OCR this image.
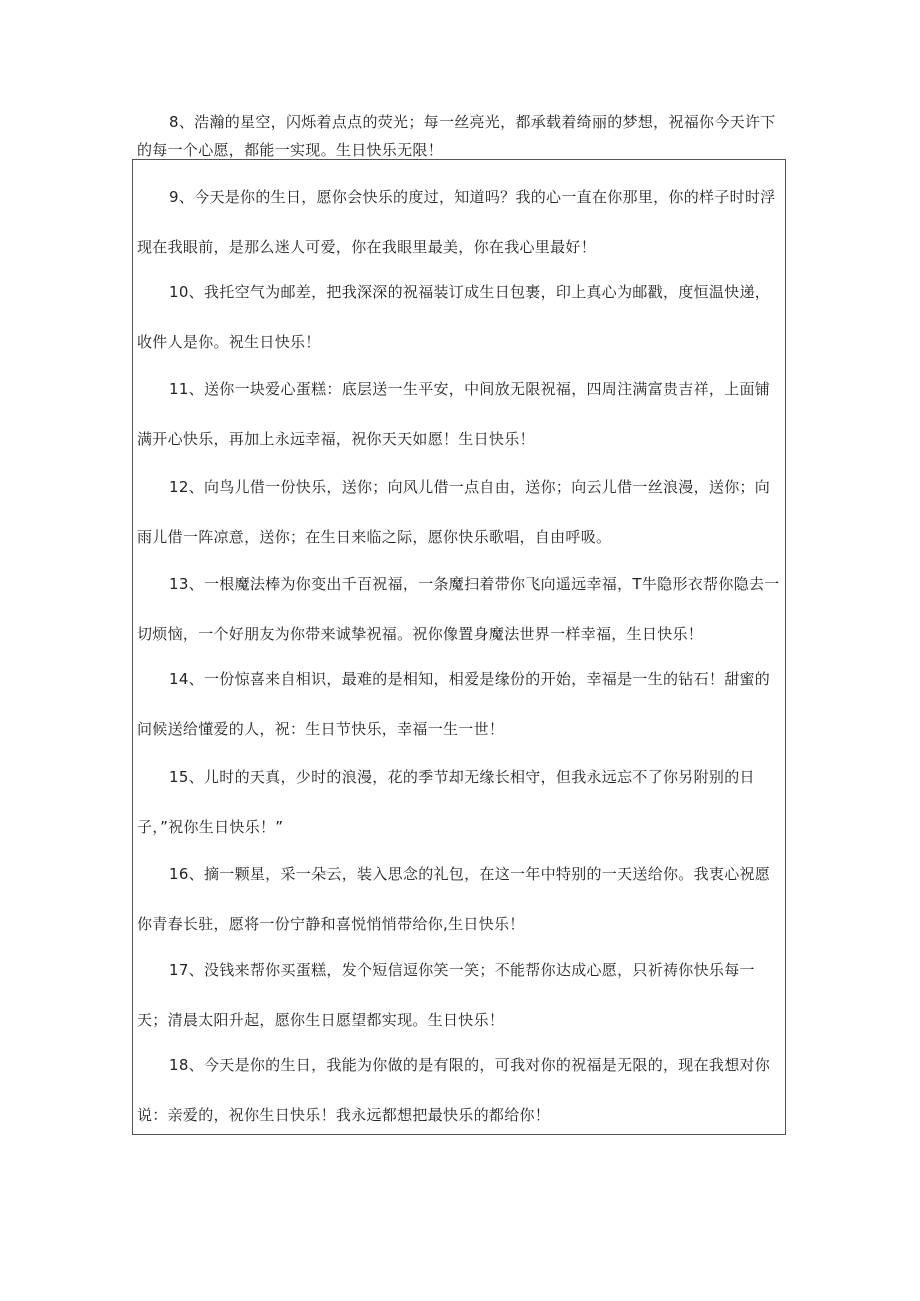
8、浩瀚的星空，闪烁着点点的荧光；每一丝亮光，都承载着绮丽的梦想，祝福你今天许下的每一个心愿，都能一实现。生日快乐无限！

9、今天是你的生日，愿你会快乐的度过，知道吗？我的心一直在你那里，你的样子时时浮现在我眼前，是那么迷人可爱，你在我眼里最美，你在我心里最好！

10、我托空气为邮差，把我深深的祝福装订成生日包裹，印上真心为邮戳，度恒温快递，收件人是你。祝生日快乐！

11、送你一块爱心蛋糕：底层送一生平安，中间放无限祝福，四周注满富贵吉祥，上面铺满开心快乐，再加上永远幸福，祝你天天如愿！生日快乐！

12、向鸟儿借一份快乐，送你；向风儿借一点自由，送你；向云儿借一丝浪漫，送你；向雨儿借一阵凉意，送你；在生日来临之际，愿你快乐歌唱，自由呼吸。

13、一根魔法棒为你变出千百祝福，一条魔扫着带你飞向遥远幸福，T牛隐形衣帮你隐去一切烦恼，一个好朋友为你带来诚挚祝福。祝你像置身魔法世界一样幸福，生日快乐！

14、一份惊喜来自相识，最难的是相知，相爱是缘份的开始，幸福是一生的钻石！甜蜜的问候送给懂爱的人，祝：生日节快乐，幸福一生一世！

15、儿时的天真，少时的浪漫，花的季节却无缘长相守，但我永远忘不了你另附别的日子，”祝你生日快乐！”

16、摘一颗星，采一朵云，装入思念的礼包，在这一年中特别的一天送给你。我衷心祝愿你青春长驻，愿将一份宁静和喜悦悄悄带给你,生日快乐！

17、没钱来帮你买蛋糕，发个短信逗你笑一笑；不能帮你达成心愿，只祈祷你快乐每一天；清晨太阳升起，愿你生日愿望都实现。生日快乐！

18、今天是你的生日，我能为你做的是有限的，可我对你的祝福是无限的，现在我想对你说：亲爱的，祝你生日快乐！我永远都想把最快乐的都给你！
